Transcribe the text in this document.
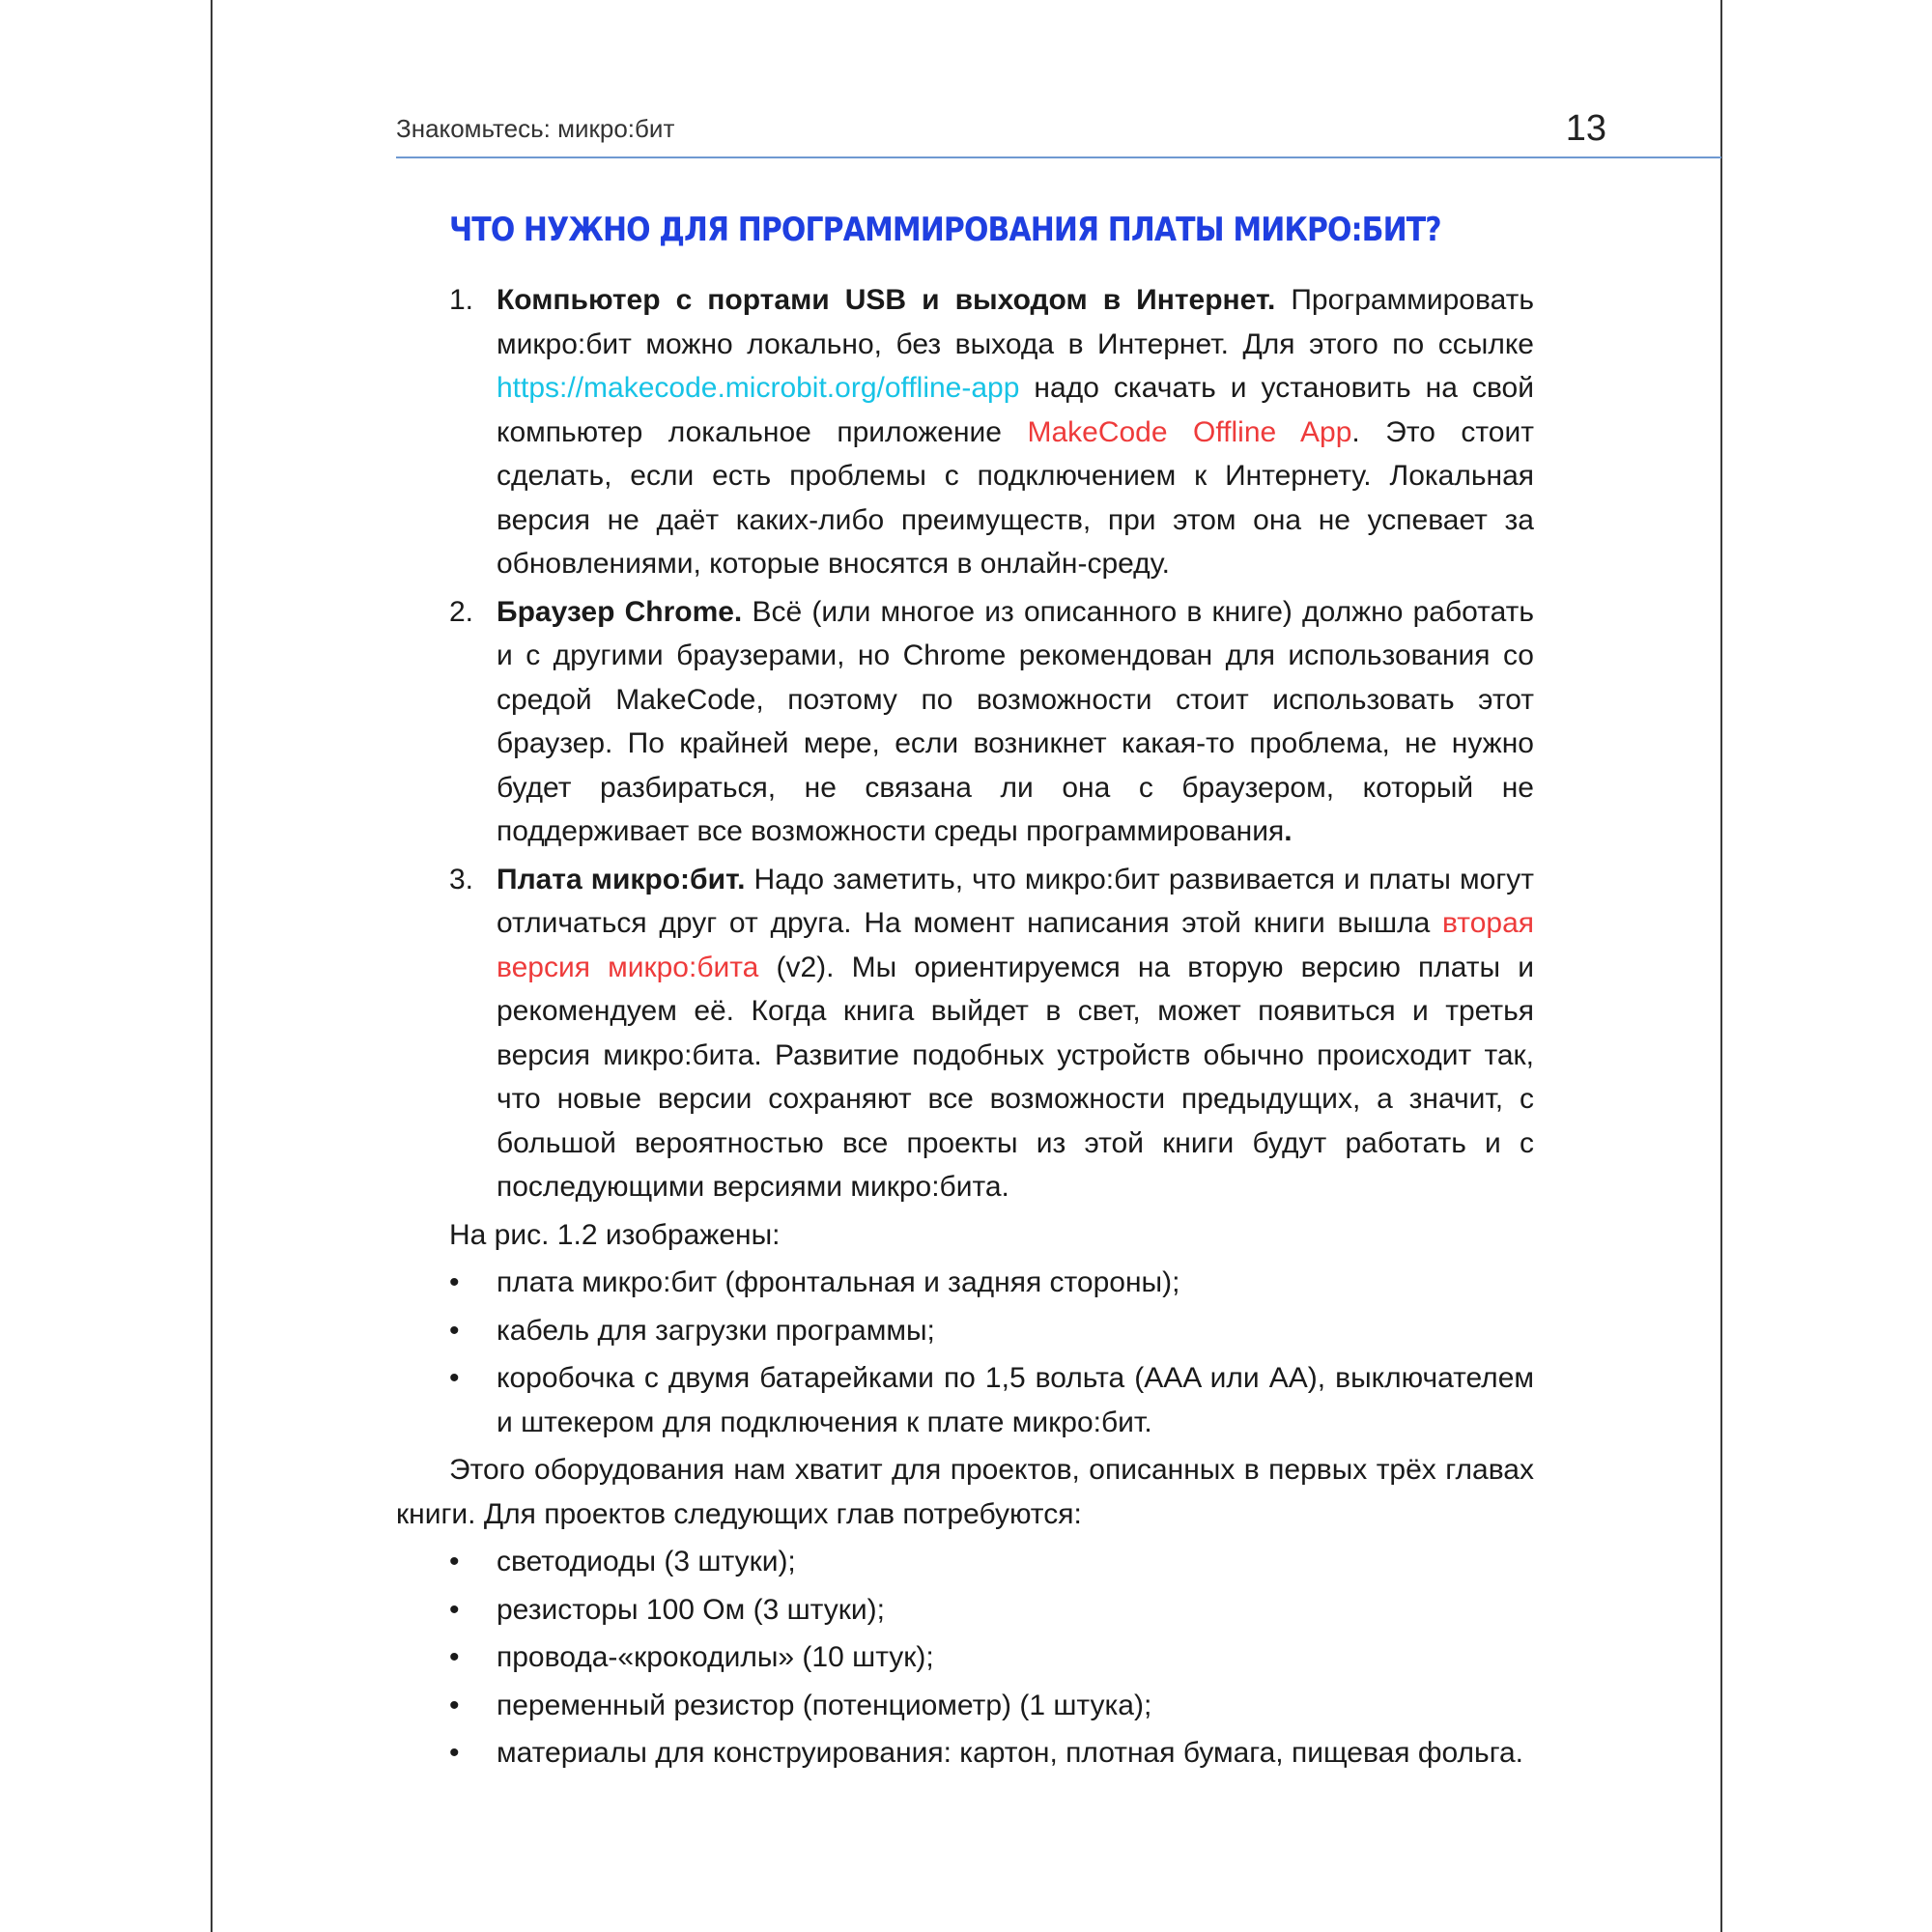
Знакомьтесь: микро:бит	13
ЧТО НУЖНО ДЛЯ ПРОГРАММИРОВАНИЯ ПЛАТЫ МИКРО:БИТ?
1. Компьютер с портами USB и выходом в Интернет. Программировать микро:бит можно локально, без выхода в Интернет. Для этого по ссылке https://makecode.microbit.org/offline-app надо скачать и установить на свой компьютер локальное приложение MakeCode Offline App. Это стоит сделать, если есть проблемы с подключением к Интернету. Локальная версия не даёт каких-либо преимуществ, при этом она не успевает за обновлениями, которые вносятся в онлайн-среду.
2. Браузер Chrome. Всё (или многое из описанного в книге) должно работать и с другими браузерами, но Chrome рекомендован для использования со средой MakeCode, поэтому по возможности стоит использовать этот браузер. По крайней мере, если возникнет какая-то проблема, не нужно будет разбираться, не связана ли она с браузером, который не поддерживает все возможности среды программирования.
3. Плата микро:бит. Надо заметить, что микро:бит развивается и платы могут отличаться друг от друга. На момент написания этой книги вышла вторая версия микро:бита (v2). Мы ориентируемся на вторую версию платы и рекомендуем её. Когда книга выйдет в свет, может появиться и третья версия микро:бита. Развитие подобных устройств обычно происходит так, что новые версии сохраняют все возможности предыдущих, а значит, с большой вероятностью все проекты из этой книги будут работать и с последующими версиями микро:бита.

На рис. 1.2 изображены:

• плата микро:бит (фронтальная и задняя стороны);
• кабель для загрузки программы;
• коробочка с двумя батарейками по 1,5 вольта (AAA или AA), выключателем и штекером для подключения к плате микро:бит.

Этого оборудования нам хватит для проектов, описанных в первых трёх главах книги. Для проектов следующих глав потребуются:

• светодиоды (3 штуки);
• резисторы 100 Ом (3 штуки);
• провода-«крокодилы» (10 штук);
• переменный резистор (потенциометр) (1 штука);
• материалы для конструирования: картон, плотная бумага, пищевая фольга.
